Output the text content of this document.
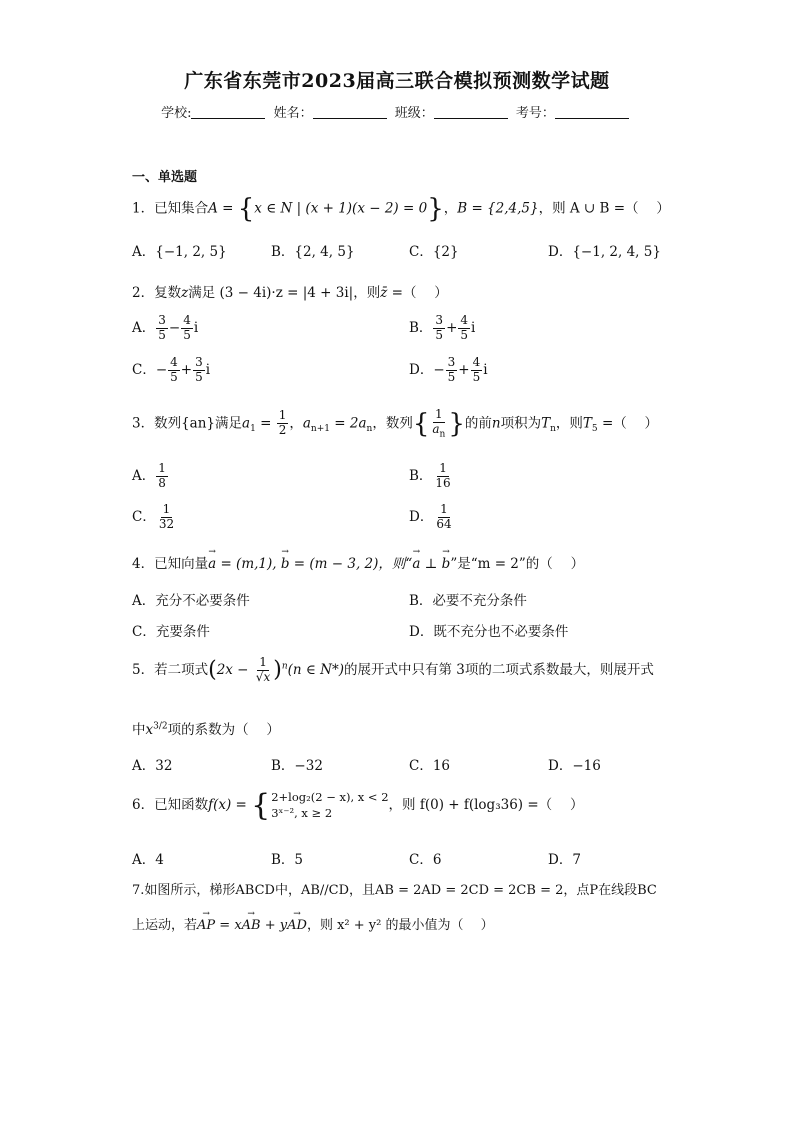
广东省东莞市2023届高三联合模拟预测数学试题
学校:	姓名：	班级：	考号：
一、单选题
1．已知集合A = {x ∈ N | (x + 1)(x − 2) = 0}，B = {2,4,5}，则 A ∪ B =（　 ）
A．{−1, 2, 5}	B．{2, 4, 5}	C．{2}	D．{−1, 2, 4, 5}
2．复数z满足 (3 − 4i)·z = |4 + 3i|，则z̄ =（　 ）
A． $\frac{3}{5} - \frac{4}{5}$ i	B． $\frac{3}{5} + \frac{4}{5}$ i
C．− $\frac{4}{5} + \frac{3}{5}$ i	D．− $\frac{3}{5} + \frac{4}{5}$ i
3．数列{an}满足$a_1 = \frac{1}{2}$ ，$a_{n+1} = 2a_n$，数列{ $\frac{1}{a_n}$ }的前n项积为$T_n$，则$T_5$ =（　 ）
A． $\frac{1}{8}$	B． $\frac{1}{16}$
C． $\frac{1}{32}$	D． $\frac{1}{64}$
4．已知向量→ a = (m,1), → b = (m − 3, 2)，则“→ a ⊥ → b”是“m = 2”的（　 ）
A．充分不必要条件	B．必要不充分条件
C．充要条件	D．既不充分也不必要条件
5．若二项式$(2x - \frac{1}{√x} )^n(n$ ∈ N*)的展开式中只有第 3项的二项式系数最大，则展开式
中$x^{3/2}$项的系数为（　 ）
A．32	B．−32	C．16	D．−16
6．已知函数f(x) = { 2+log₂(2 − x), x < 2
3ˣ⁻², x ≥ 2	，则 f(0) + f(log₃36) =（　 ）
A．4	B．5	C．6	D．7
7.如图所示，梯形ABCD中，AB//CD，且AB = 2AD = 2CD = 2CB = 2，点P在线段BC
上运动，若→ AP = x→ AB + y→ AD，则 x² + y² 的最小值为（　 ）
